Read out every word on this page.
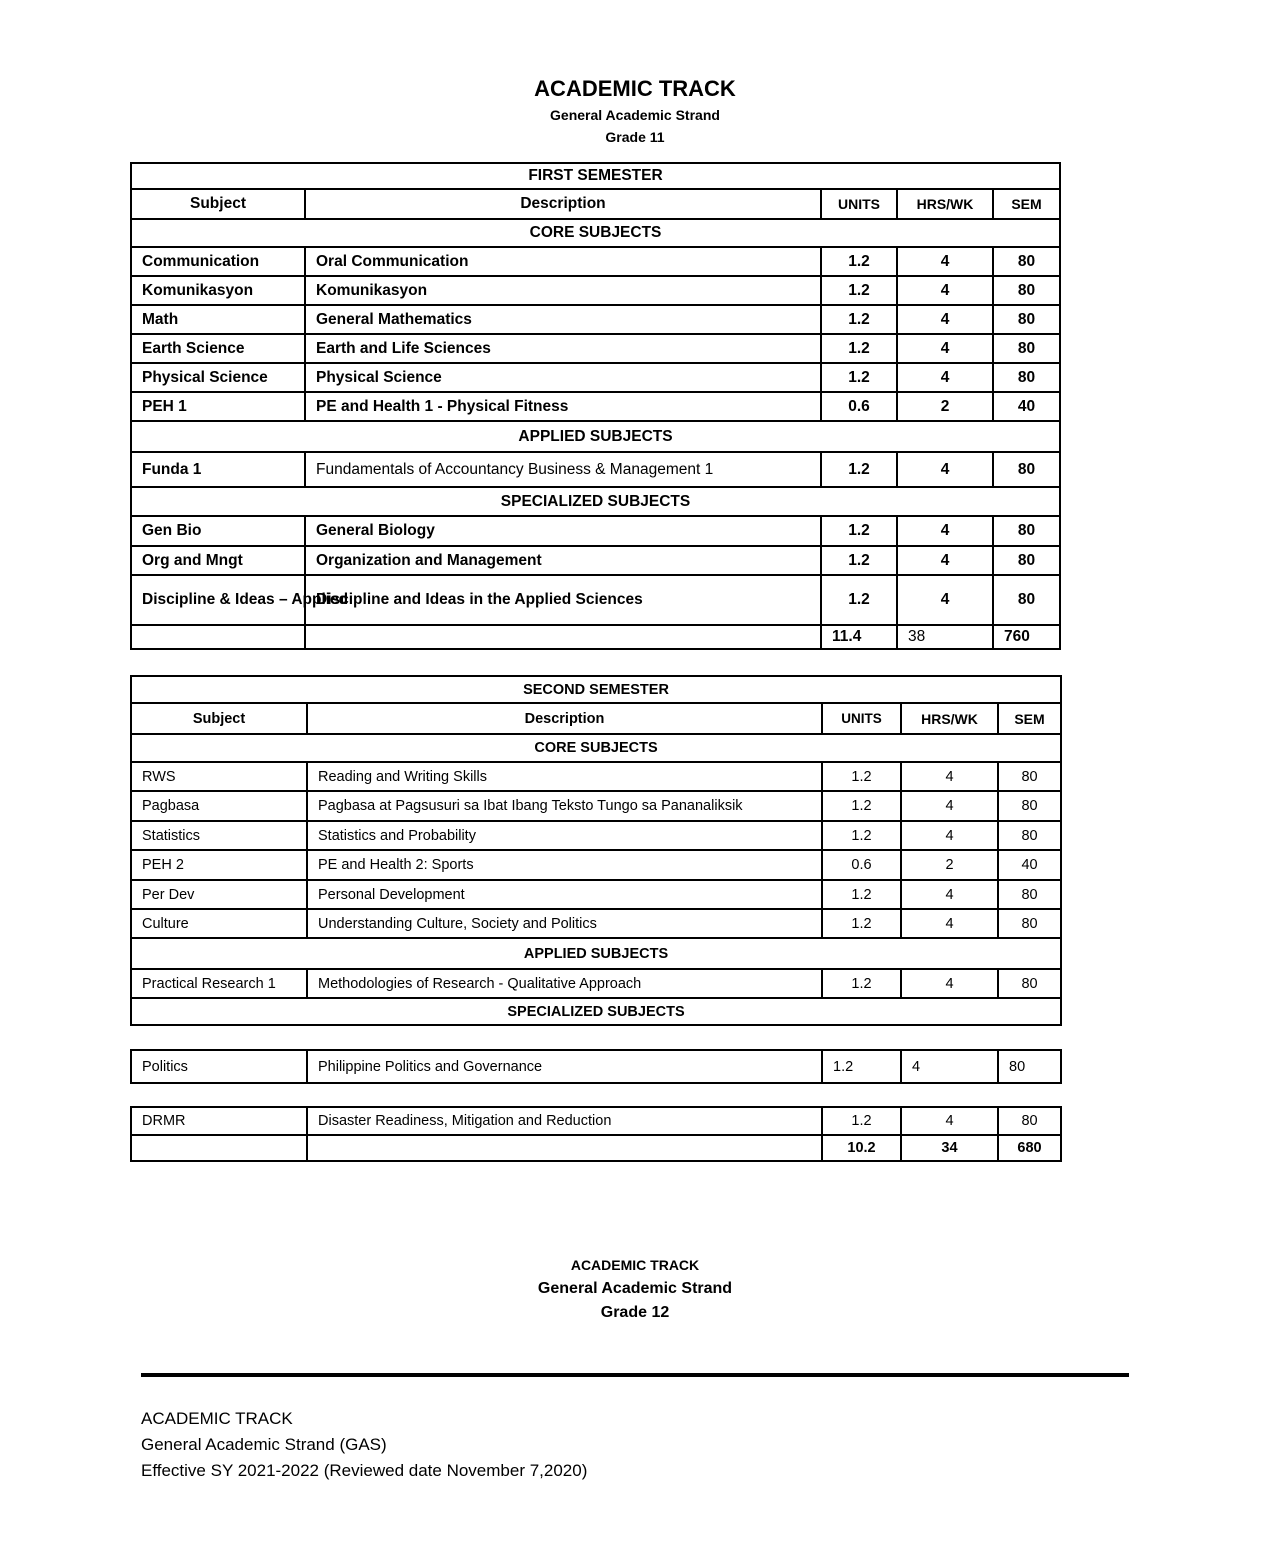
ACADEMIC TRACK
General Academic Strand
Grade 11
FIRST SEMESTER				
Subject	Description	UNITS	HRS/WK	SEM
CORE SUBJECTS				
Communication	Oral Communication	1.2	4	80
Komunikasyon	Komunikasyon	1.2	4	80
Math	General Mathematics	1.2	4	80
Earth Science	Earth and Life Sciences	1.2	4	80
Physical Science	Physical Science	1.2	4	80
PEH 1	PE and Health 1 - Physical Fitness	0.6	2	40
APPLIED SUBJECTS				
Funda 1	Fundamentals of Accountancy Business & Management 1	1.2	4	80
SPECIALIZED SUBJECTS				
Gen Bio	General Biology	1.2	4	80
Org and Mngt	Organization and Management	1.2	4	80
Discipline & Ideas – Applied	Discipline and Ideas in the Applied Sciences	1.2	4	80
		11.4	38	760
SECOND SEMESTER				
Subject	Description	UNITS	HRS/WK	SEM
CORE SUBJECTS				
RWS	Reading and Writing Skills	1.2	4	80
Pagbasa	Pagbasa at Pagsusuri sa Ibat Ibang Teksto Tungo sa Pananaliksik	1.2	4	80
Statistics	Statistics and Probability	1.2	4	80
PEH 2	PE and Health 2: Sports	0.6	2	40
Per Dev	Personal Development	1.2	4	80
Culture	Understanding Culture, Society and Politics	1.2	4	80
APPLIED SUBJECTS				
Practical Research 1	Methodologies of Research - Qualitative Approach	1.2	4	80
SPECIALIZED SUBJECTS				

Politics	Philippine Politics and Governance	1.2	4	80

DRMR	Disaster Readiness, Mitigation and Reduction	1.2	4	80
		10.2	34	680
ACADEMIC TRACK
General Academic Strand
Grade 12
ACADEMIC TRACK
General Academic Strand (GAS)
Effective SY 2021-2022 (Reviewed date November 7,2020)
